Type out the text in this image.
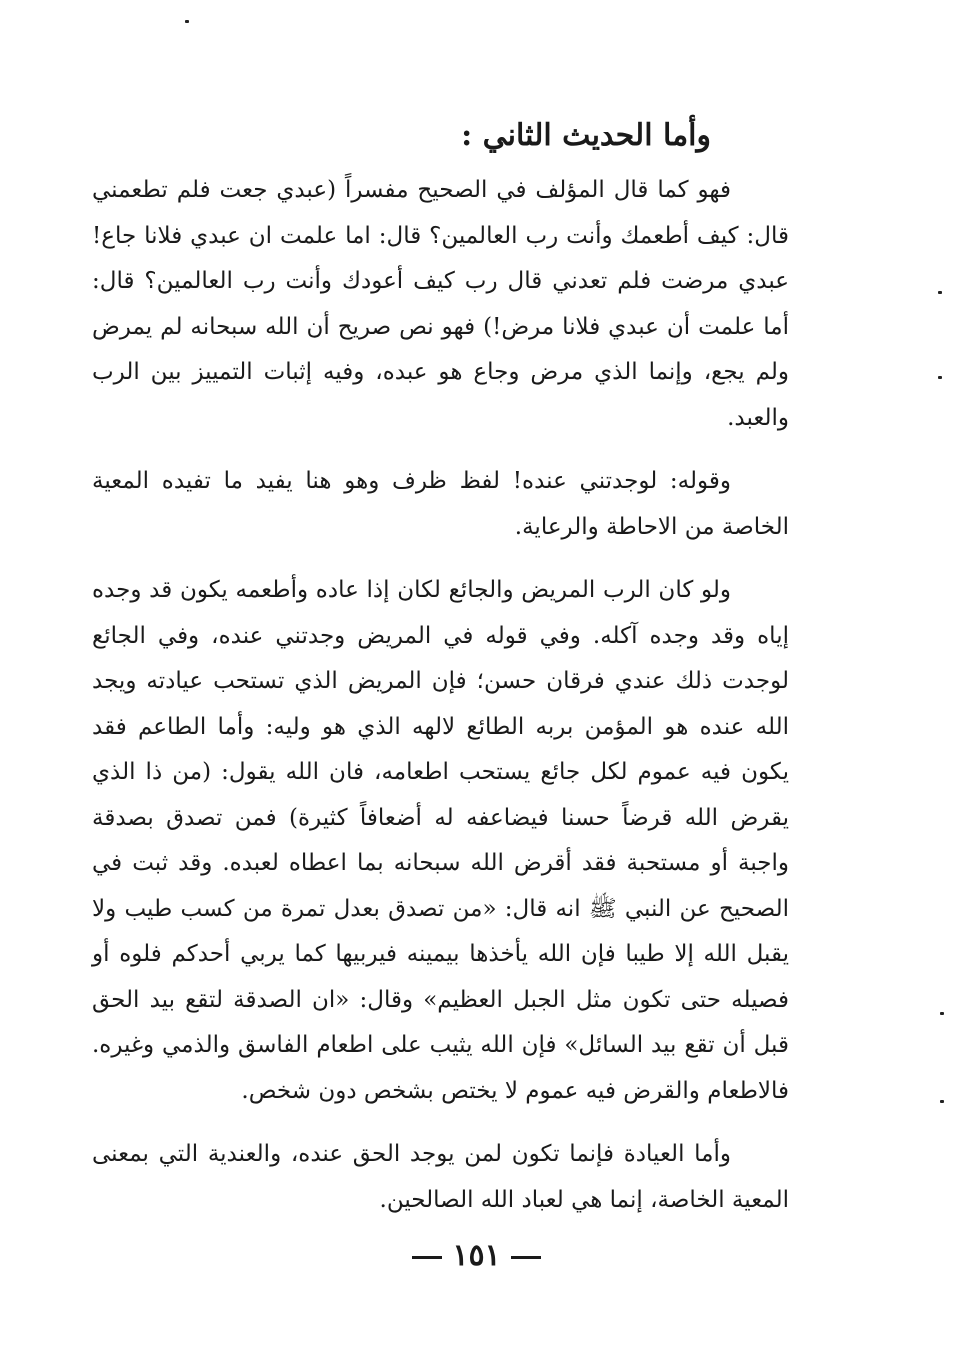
وأما الحديث الثاني :

فهو كما قال المؤلف في الصحيح مفسراً (عبدي جعت فلم تطعمني قال: كيف أطعمك وأنت رب العالمين؟ قال: اما علمت ان عبدي فلانا جاع! عبدي مرضت فلم تعدني قال رب كيف أعودك وأنت رب العالمين؟ قال: أما علمت أن عبدي فلانا مرض!) فهو نص صريح أن الله سبحانه لم يمرض ولم يجع، وإنما الذي مرض وجاع هو عبده، وفيه إثبات التمييز بين الرب والعبد.

وقوله: لوجدتني عنده! لفظ ظرف وهو هنا يفيد ما تفيده المعية الخاصة من الاحاطة والرعاية.

ولو كان الرب المريض والجائع لكان إذا عاده وأطعمه يكون قد وجده إياه وقد وجده آكله. وفي قوله في المريض وجدتني عنده، وفي الجائع لوجدت ذلك عندي فرقان حسن؛ فإن المريض الذي تستحب عيادته ويجد الله عنده هو المؤمن بربه الطائع لالهه الذي هو وليه: وأما الطاعم فقد يكون فيه عموم لكل جائع يستحب اطعامه، فان الله يقول: (من ذا الذي يقرض الله قرضاً حسنا فيضاعفه له أضعافاً كثيرة) فمن تصدق بصدقة واجبة أو مستحبة فقد أقرض الله سبحانه بما اعطاه لعبده. وقد ثبت في الصحيح عن النبي ﷺ انه قال: «من تصدق بعدل تمرة من كسب طيب ولا يقبل الله إلا طيبا فإن الله يأخذها بيمينه فيربيها كما يربي أحدكم فلوه أو فصيله حتى تكون مثل الجبل العظيم» وقال: «ان الصدقة لتقع بيد الحق قبل أن تقع بيد السائل» فإن الله يثيب على اطعام الفاسق والذمي وغيره. فالاطعام والقرض فيه عموم لا يختص بشخص دون شخص.

وأما العيادة فإنما تكون لمن يوجد الحق عنده، والعندية التي بمعنى المعية الخاصة، إنما هي لعباد الله الصالحين.

١٥١
